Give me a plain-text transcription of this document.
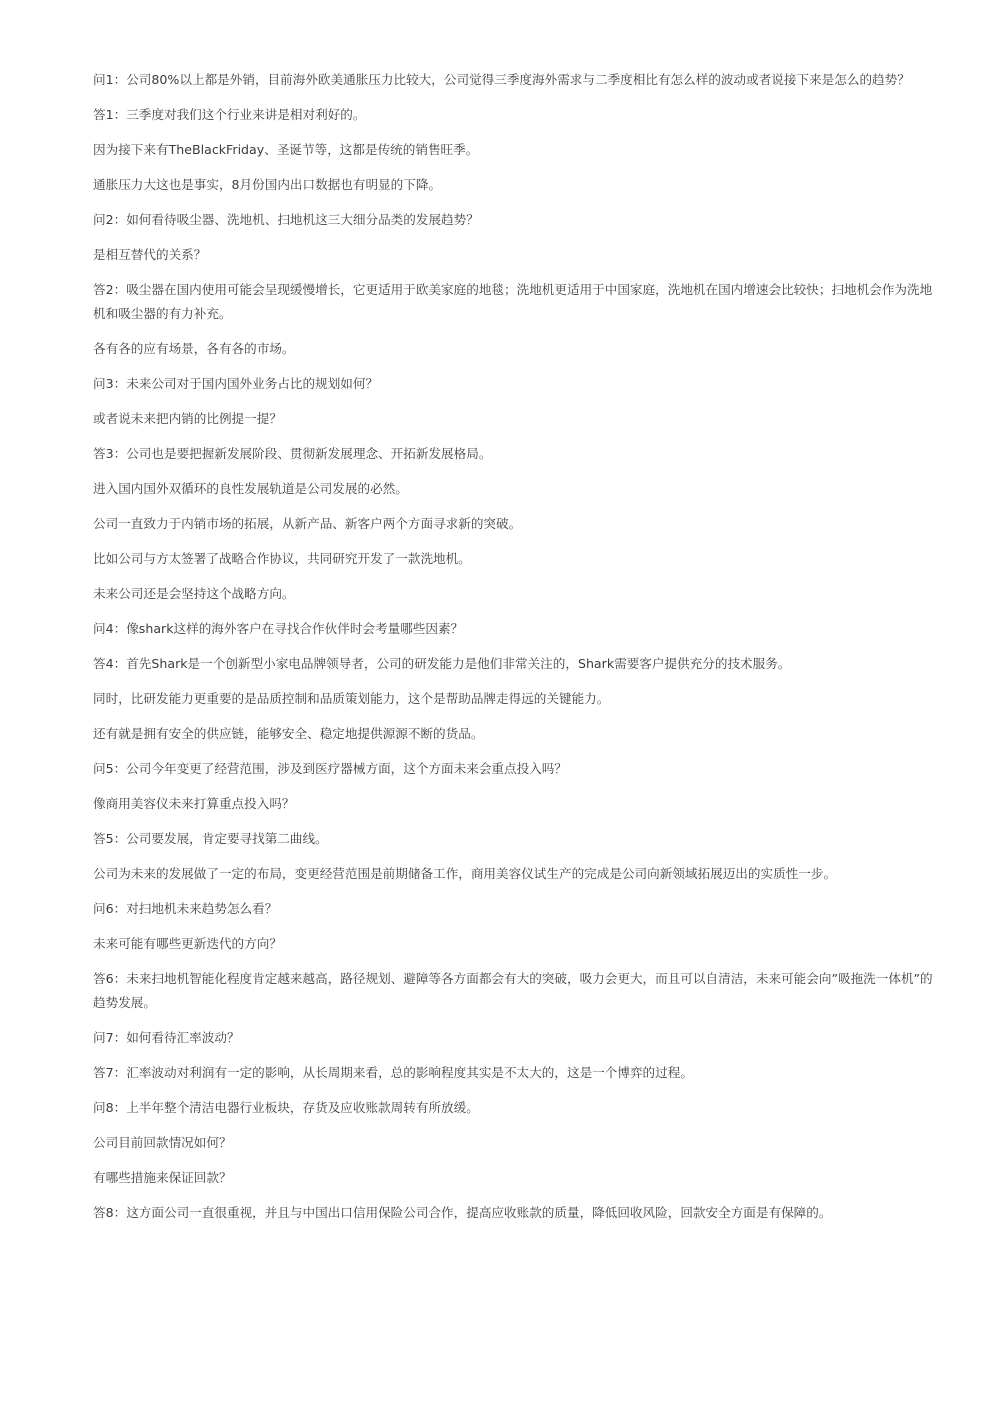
问1：公司80%以上都是外销，目前海外欧美通胀压力比较大，公司觉得三季度海外需求与二季度相比有怎么样的波动或者说接下来是怎么的趋势？

答1：三季度对我们这个行业来讲是相对利好的。

因为接下来有TheBlackFriday、圣诞节等，这都是传统的销售旺季。

通胀压力大这也是事实，8月份国内出口数据也有明显的下降。

问2：如何看待吸尘器、洗地机、扫地机这三大细分品类的发展趋势？

是相互替代的关系？

答2：吸尘器在国内使用可能会呈现缓慢增长，它更适用于欧美家庭的地毯；洗地机更适用于中国家庭，洗地机在国内增速会比较快；扫地机会作为洗地机和吸尘器的有力补充。

各有各的应有场景，各有各的市场。

问3：未来公司对于国内国外业务占比的规划如何？

或者说未来把内销的比例提一提？

答3：公司也是要把握新发展阶段、贯彻新发展理念、开拓新发展格局。

进入国内国外双循环的良性发展轨道是公司发展的必然。

公司一直致力于内销市场的拓展，从新产品、新客户两个方面寻求新的突破。

比如公司与方太签署了战略合作协议，共同研究开发了一款洗地机。

未来公司还是会坚持这个战略方向。

问4：像shark这样的海外客户在寻找合作伙伴时会考量哪些因素？

答4：首先Shark是一个创新型小家电品牌领导者，公司的研发能力是他们非常关注的，Shark需要客户提供充分的技术服务。

同时，比研发能力更重要的是品质控制和品质策划能力，这个是帮助品牌走得远的关键能力。

还有就是拥有安全的供应链，能够安全、稳定地提供源源不断的货品。

问5：公司今年变更了经营范围，涉及到医疗器械方面，这个方面未来会重点投入吗？

像商用美容仪未来打算重点投入吗？

答5：公司要发展，肯定要寻找第二曲线。

公司为未来的发展做了一定的布局，变更经营范围是前期储备工作，商用美容仪试生产的完成是公司向新领域拓展迈出的实质性一步。

问6：对扫地机未来趋势怎么看？

未来可能有哪些更新迭代的方向？

答6：未来扫地机智能化程度肯定越来越高，路径规划、避障等各方面都会有大的突破，吸力会更大，而且可以自清洁，未来可能会向”吸拖洗一体机”的趋势发展。

问7：如何看待汇率波动？

答7：汇率波动对利润有一定的影响，从长周期来看，总的影响程度其实是不太大的，这是一个博弈的过程。

问8：上半年整个清洁电器行业板块，存货及应收账款周转有所放缓。

公司目前回款情况如何？

有哪些措施来保证回款？

答8：这方面公司一直很重视，并且与中国出口信用保险公司合作，提高应收账款的质量，降低回收风险，回款安全方面是有保障的。
